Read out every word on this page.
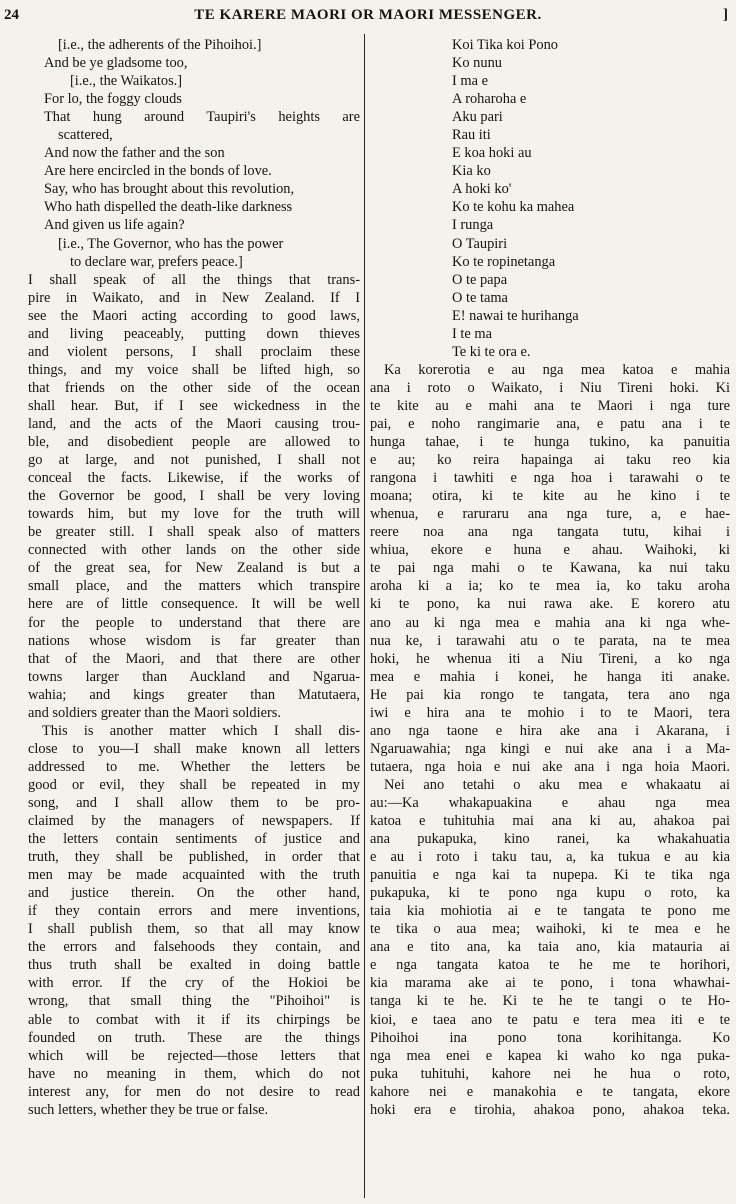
24	TE KARERE MAORI OR MAORI MESSENGER.	]
[i.e., the adherents of the Pihoihoi.]
And be ye gladsome too,
[i.e., the Waikatos.]
For lo, the foggy clouds
That hung around Taupiri's heights are
scattered,
And now the father and the son
Are here encircled in the bonds of love.
Say, who has brought about this revolution,
Who hath dispelled the death-like darkness
And given us life again?
[i.e., The Governor, who has the power
to declare war, prefers peace.]
I shall speak of all the things that trans-
pire in Waikato, and in New Zealand. If I
see the Maori acting according to good laws,
and living peaceably, putting down thieves
and violent persons, I shall proclaim these
things, and my voice shall be lifted high, so
that friends on the other side of the ocean
shall hear. But, if I see wickedness in the
land, and the acts of the Maori causing trou-
ble, and disobedient people are allowed to
go at large, and not punished, I shall not
conceal the facts. Likewise, if the works of
the Governor be good, I shall be very loving
towards him, but my love for the truth will
be greater still. I shall speak also of matters
connected with other lands on the other side
of the great sea, for New Zealand is but a
small place, and the matters which transpire
here are of little consequence. It will be well
for the people to understand that there are
nations whose wisdom is far greater than
that of the Maori, and that there are other
towns larger than Auckland and Ngarua-
wahia; and kings greater than Matutaera,
and soldiers greater than the Maori soldiers.
This is another matter which I shall dis-
close to you—I shall make known all letters
addressed to me. Whether the letters be
good or evil, they shall be repeated in my
song, and I shall allow them to be pro-
claimed by the managers of newspapers. If
the letters contain sentiments of justice and
truth, they shall be published, in order that
men may be made acquainted with the truth
and justice therein. On the other hand,
if they contain errors and mere inventions,
I shall publish them, so that all may know
the errors and falsehoods they contain, and
thus truth shall be exalted in doing battle
with error. If the cry of the Hokioi be
wrong, that small thing the "Pihoihoi" is
able to combat with it if its chirpings be
founded on truth. These are the things
which will be rejected—those letters that
have no meaning in them, which do not
interest any, for men do not desire to read
such letters, whether they be true or false.
Koi Tika koi Pono
Ko nunu
I ma e
A roharoha e
Aku pari
Rau iti
E koa hoki au
Kia ko
A hoki ko'
Ko te kohu ka mahea
I runga
O Taupiri
Ko te ropinetanga
O te papa
O te tama
E! nawai te hurihanga
I te ma
Te ki te ora e.
Ka korerotia e au nga mea katoa e mahia
ana i roto o Waikato, i Niu Tireni hoki. Ki
te kite au e mahi ana te Maori i nga ture
pai, e noho rangimarie ana, e patu ana i te
hunga tahae, i te hunga tukino, ka panuitia
e au; ko reira hapainga ai taku reo kia
rangona i tawhiti e nga hoa i tarawahi o te
moana; otira, ki te kite au he kino i te
whenua, e raruraru ana nga ture, a, e hae-
reere noa ana nga tangata tutu, kihai i
whiua, ekore e huna e ahau. Waihoki, ki
te pai nga mahi o te Kawana, ka nui taku
aroha ki a ia; ko te mea ia, ko taku aroha
ki te pono, ka nui rawa ake. E korero atu
ano au ki nga mea e mahia ana ki nga whe-
nua ke, i tarawahi atu o te parata, na te mea
hoki, he whenua iti a Niu Tireni, a ko nga
mea e mahia i konei, he hanga iti anake.
He pai kia rongo te tangata, tera ano nga
iwi e hira ana te mohio i to te Maori, tera
ano nga taone e hira ake ana i Akarana, i
Ngaruawahia; nga kingi e nui ake ana i a Ma-
tutaera, nga hoia e nui ake ana i nga hoia Maori.
Nei ano tetahi o aku mea e whakaatu ai
au:—Ka whakapuakina e ahau nga mea
katoa e tuhituhia mai ana ki au, ahakoa pai
ana pukapuka, kino ranei, ka whakahuatia
e au i roto i taku tau, a, ka tukua e au kia
panuitia e nga kai ta nupepa. Ki te tika nga
pukapuka, ki te pono nga kupu o roto, ka
taia kia mohiotia ai e te tangata te pono me
te tika o aua mea; waihoki, ki te mea e he
ana e tito ana, ka taia ano, kia matauria ai
e nga tangata katoa te he me te horihori,
kia marama ake ai te pono, i tona whawhai-
tanga ki te he. Ki te he te tangi o te Ho-
kioi, e taea ano te patu e tera mea iti e te
Pihoihoi ina pono tona korihitanga. Ko
nga mea enei e kapea ki waho ko nga puka-
puka tuhituhi, kahore nei he hua o roto,
kahore nei e manakohia e te tangata, ekore
hoki era e tirohia, ahakoa pono, ahakoa teka.
